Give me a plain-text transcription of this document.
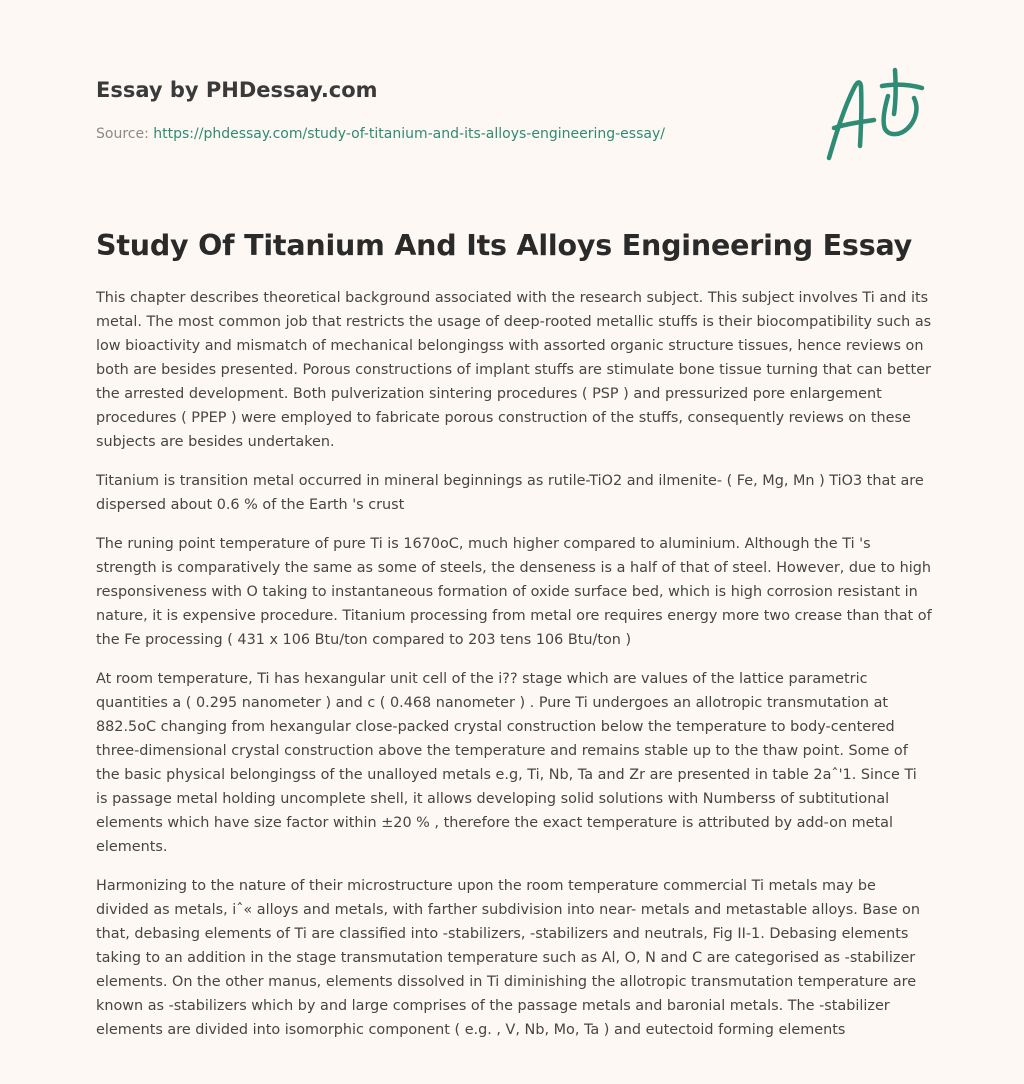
Essay by PHDessay.com
Source: https://phdessay.com/study-of-titanium-and-its-alloys-engineering-essay/
Study Of Titanium And Its Alloys Engineering Essay

This chapter describes theoretical background associated with the research subject. This subject involves Ti and its metal. The most common job that restricts the usage of deep-rooted metallic stuffs is their biocompatibility such as low bioactivity and mismatch of mechanical belongingss with assorted organic structure tissues, hence reviews on both are besides presented. Porous constructions of implant stuffs are stimulate bone tissue turning that can better the arrested development. Both pulverization sintering procedures ( PSP ) and pressurized pore enlargement procedures ( PPEP ) were employed to fabricate porous construction of the stuffs, consequently reviews on these subjects are besides undertaken.

Titanium is transition metal occurred in mineral beginnings as rutile-TiO2 and ilmenite- ( Fe, Mg, Mn ) TiO3 that are dispersed about 0.6 % of the Earth 's crust

The runing point temperature of pure Ti is 1670oC, much higher compared to aluminium. Although the Ti 's strength is comparatively the same as some of steels, the denseness is a half of that of steel. However, due to high responsiveness with O taking to instantaneous formation of oxide surface bed, which is high corrosion resistant in nature, it is expensive procedure. Titanium processing from metal ore requires energy more two crease than that of the Fe processing ( 431 x 106 Btu/ton compared to 203 tens 106 Btu/ton )

At room temperature, Ti has hexangular unit cell of the i?? stage which are values of the lattice parametric quantities a ( 0.295 nanometer ) and c ( 0.468 nanometer ) . Pure Ti undergoes an allotropic transmutation at 882.5oC changing from hexangular close-packed crystal construction below the temperature to body-centered three-dimensional crystal construction above the temperature and remains stable up to the thaw point. Some of the basic physical belongingss of the unalloyed metals e.g, Ti, Nb, Ta and Zr are presented in table 2aˆ'1. Since Ti is passage metal holding uncomplete shell, it allows developing solid solutions with Numberss of subtitutional elements which have size factor within ±20 % , therefore the exact temperature is attributed by add-on metal elements.

Harmonizing to the nature of their microstructure upon the room temperature commercial Ti metals may be divided as metals, iˆ« alloys and metals, with farther subdivision into near- metals and metastable alloys. Base on that, debasing elements of Ti are classified into -stabilizers, -stabilizers and neutrals, Fig II-1. Debasing elements taking to an addition in the stage transmutation temperature such as Al, O, N and C are categorised as -stabilizer elements. On the other manus, elements dissolved in Ti diminishing the allotropic transmutation temperature are known as -stabilizers which by and large comprises of the passage metals and baronial metals. The -stabilizer elements are divided into isomorphic component ( e.g. , V, Nb, Mo, Ta ) and eutectoid forming elements
